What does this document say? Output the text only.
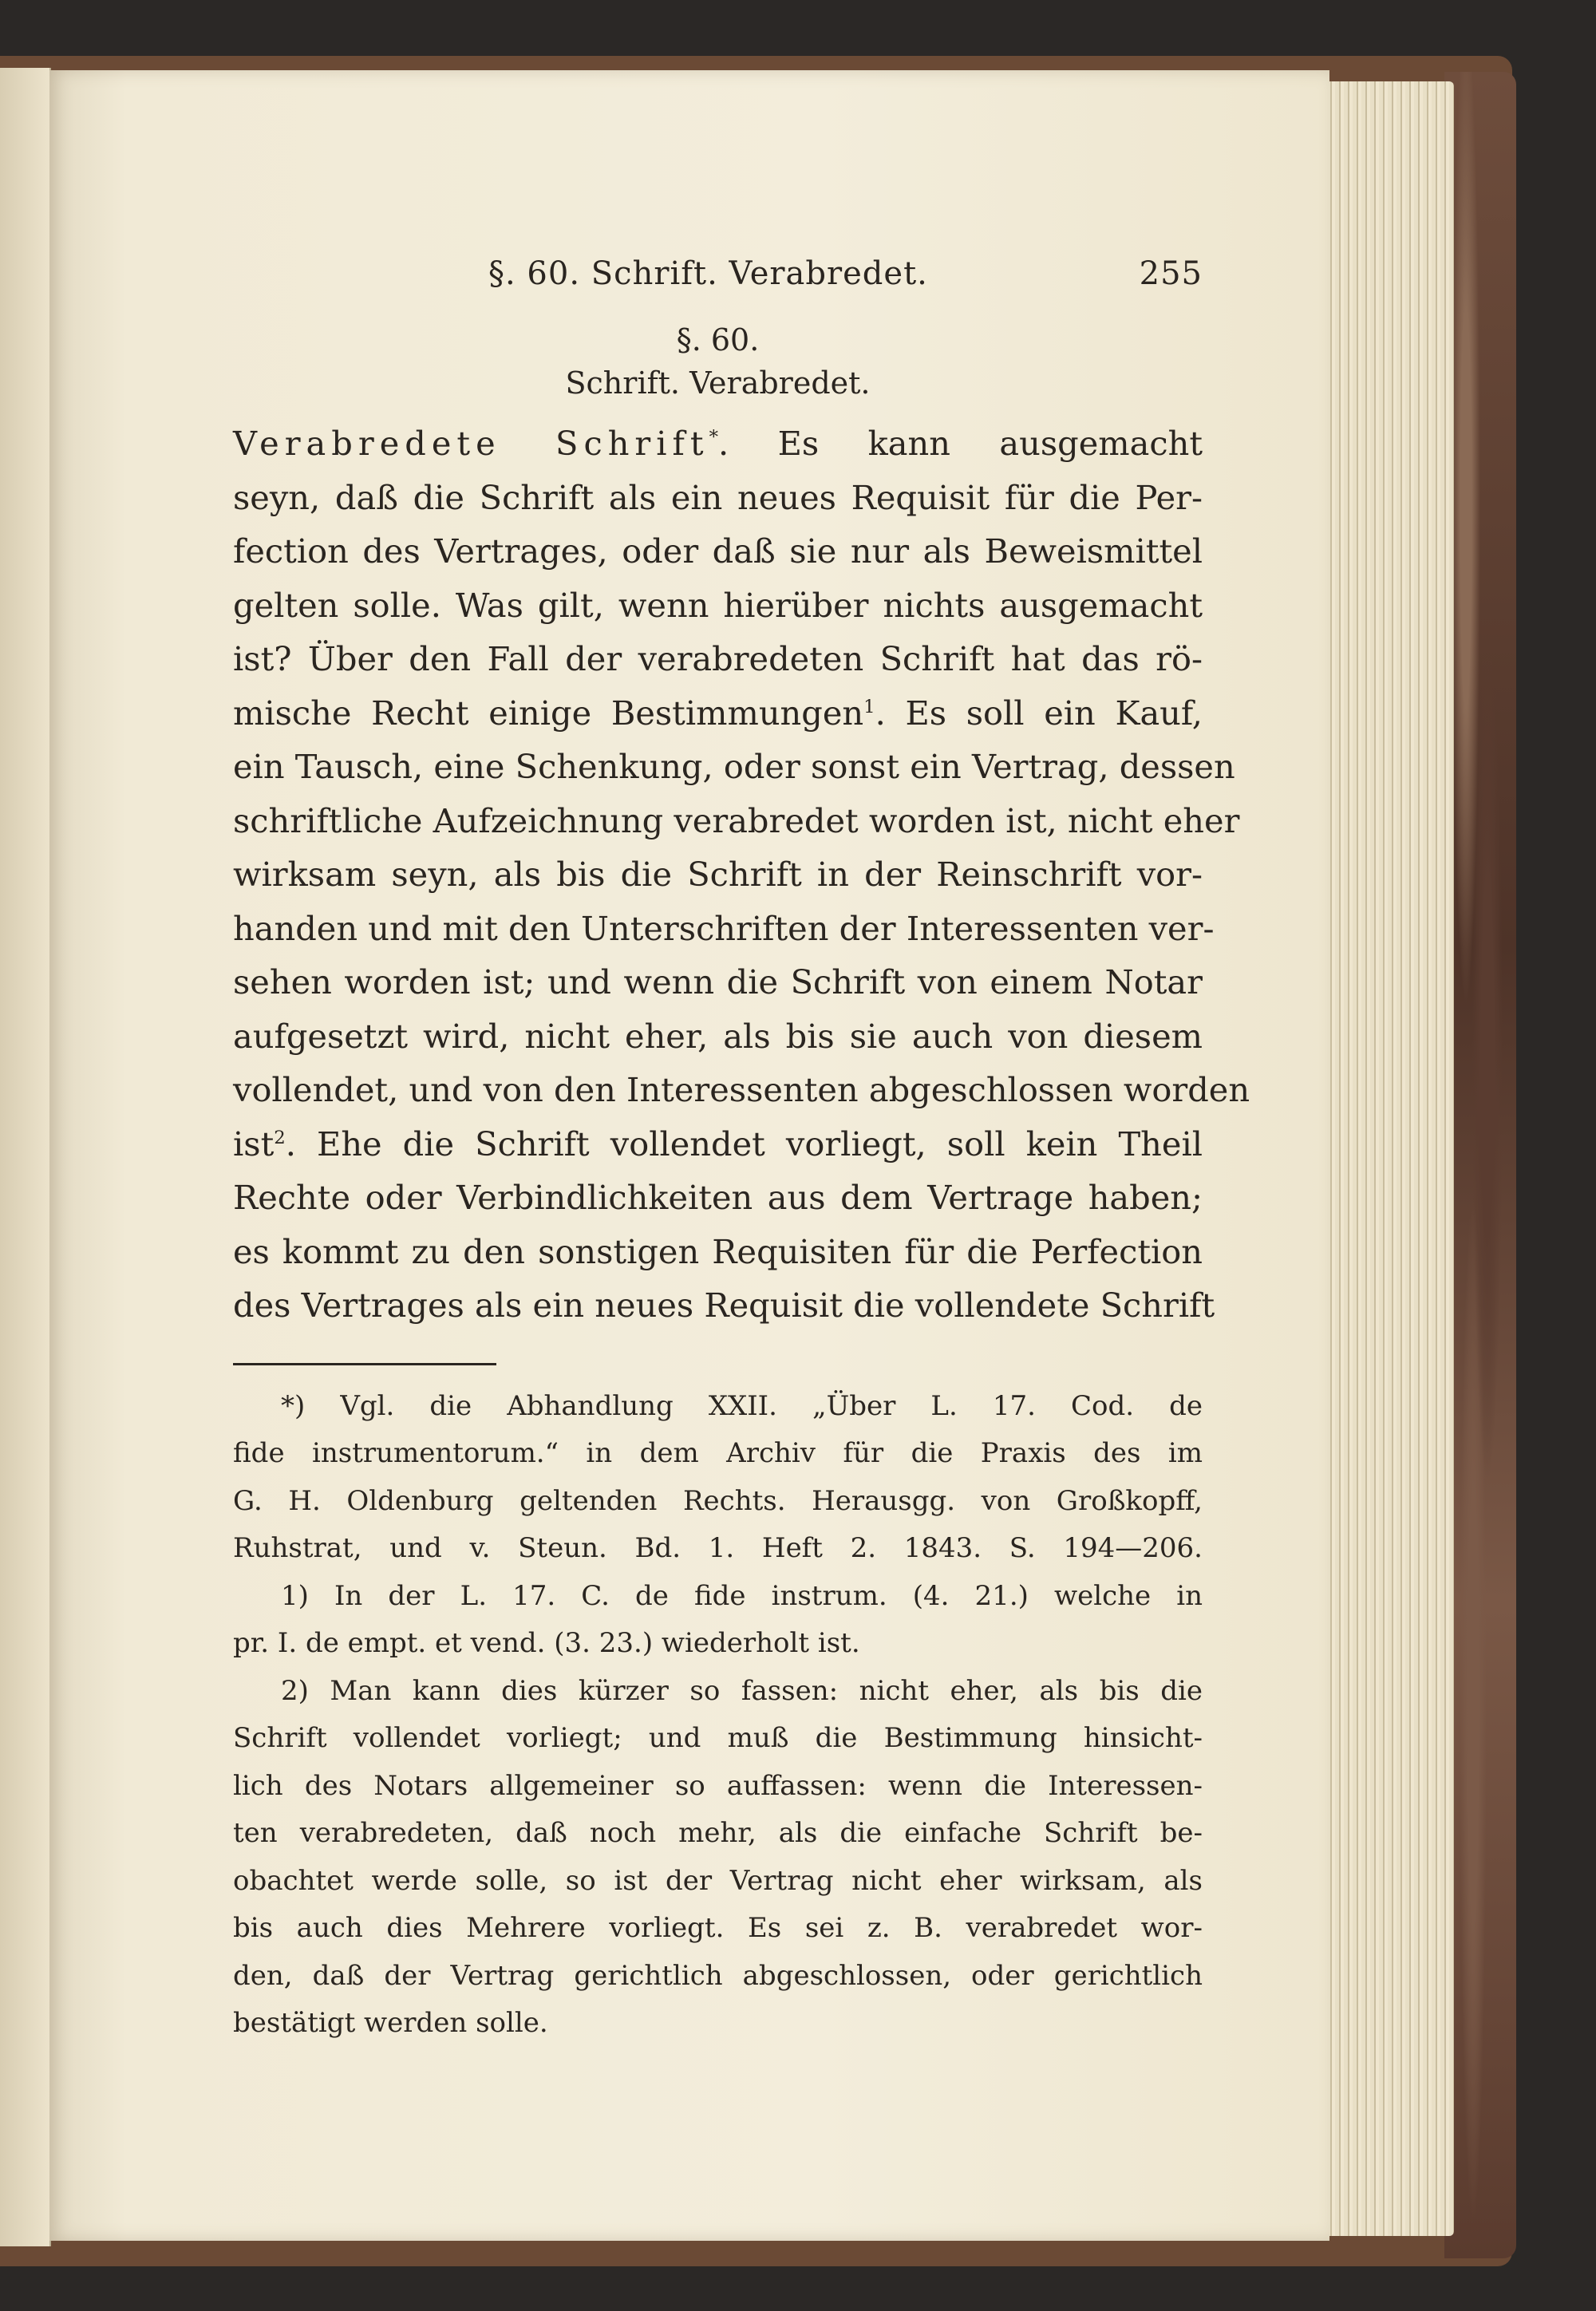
§. 60. Schrift. Verabredet.	255
§. 60.
Schrift. Verabredet.
Verabredete Schrift*. Es kann ausgemacht
seyn, daß die Schrift als ein neues Requisit für die Per-
fection des Vertrages, oder daß sie nur als Beweismittel
gelten solle. Was gilt, wenn hierüber nichts ausgemacht
ist? Über den Fall der verabredeten Schrift hat das rö-
mische Recht einige Bestimmungen$^1$. Es soll ein Kauf,
ein Tausch, eine Schenkung, oder sonst ein Vertrag, dessen
schriftliche Aufzeichnung verabredet worden ist, nicht eher
wirksam seyn, als bis die Schrift in der Reinschrift vor-
handen und mit den Unterschriften der Interessenten ver-
sehen worden ist; und wenn die Schrift von einem Notar
aufgesetzt wird, nicht eher, als bis sie auch von diesem
vollendet, und von den Interessenten abgeschlossen worden
ist$^2$. Ehe die Schrift vollendet vorliegt, soll kein Theil
Rechte oder Verbindlichkeiten aus dem Vertrage haben;
es kommt zu den sonstigen Requisiten für die Perfection
des Vertrages als ein neues Requisit die vollendete Schrift
*) Vgl. die Abhandlung XXII. „Über L. 17. Cod. de
fide instrumentorum.“ in dem Archiv für die Praxis des im
G. H. Oldenburg geltenden Rechts. Herausgg. von Großkopff,
Ruhstrat, und v. Steun. Bd. 1. Heft 2. 1843. S. 194—206.
1) In der L. 17. C. de fide instrum. (4. 21.) welche in
pr. I. de empt. et vend. (3. 23.) wiederholt ist.
2) Man kann dies kürzer so fassen: nicht eher, als bis die
Schrift vollendet vorliegt; und muß die Bestimmung hinsicht-
lich des Notars allgemeiner so auffassen: wenn die Interessen-
ten verabredeten, daß noch mehr, als die einfache Schrift be-
obachtet werde solle, so ist der Vertrag nicht eher wirksam, als
bis auch dies Mehrere vorliegt. Es sei z. B. verabredet wor-
den, daß der Vertrag gerichtlich abgeschlossen, oder gerichtlich
bestätigt werden solle.
